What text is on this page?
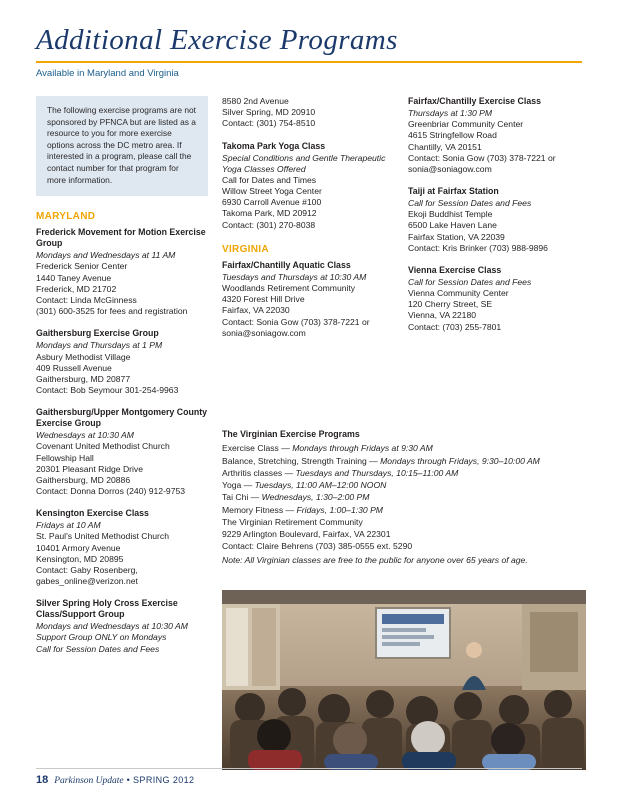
Additional Exercise Programs
Available in Maryland and Virginia
The following exercise programs are not sponsored by PFNCA but are listed as a resource to you for more exercise options across the DC metro area. If interested in a program, please call the contact number for that program for more information.
MARYLAND
Frederick Movement for Motion Exercise Group
Mondays and Wednesdays at 11 AM
Frederick Senior Center
1440 Taney Avenue
Frederick, MD 21702
Contact: Linda McGinness
(301) 600-3525 for fees and registration
Gaithersburg Exercise Group
Mondays and Thursdays at 1 PM
Asbury Methodist Village
409 Russell Avenue
Gaithersburg, MD 20877
Contact: Bob Seymour 301-254-9963
Gaithersburg/Upper Montgomery County Exercise Group
Wednesdays at 10:30 AM
Covenant United Methodist Church
Fellowship Hall
20301 Pleasant Ridge Drive
Gaithersburg, MD 20886
Contact: Donna Dorros (240) 912-9753
Kensington Exercise Class
Fridays at 10 AM
St. Paul's United Methodist Church
10401 Armory Avenue
Kensington, MD 20895
Contact: Gaby Rosenberg,
gabes_online@verizon.net
Silver Spring Holy Cross Exercise Class/Support Group
Mondays and Wednesdays at 10:30 AM
Support Group ONLY on Mondays
Call for Session Dates and Fees
8580 2nd Avenue
Silver Spring, MD 20910
Contact: (301) 754-8510
Takoma Park Yoga Class
Special Conditions and Gentle Therapeutic Yoga Classes Offered
Call for Dates and Times
Willow Street Yoga Center
6930 Carroll Avenue #100
Takoma Park, MD 20912
Contact: (301) 270-8038
VIRGINIA
Fairfax/Chantilly Aquatic Class
Tuesdays and Thursdays at 10:30 AM
Woodlands Retirement Community
4320 Forest Hill Drive
Fairfax, VA 22030
Contact: Sonia Gow (703) 378-7221 or
sonia@soniagow.com
Fairfax/Chantilly Exercise Class
Thursdays at 1:30 PM
Greenbriar Community Center
4615 Stringfellow Road
Chantilly, VA 20151
Contact: Sonia Gow (703) 378-7221 or
sonia@soniagow.com
Taiji at Fairfax Station
Call for Session Dates and Fees
Ekoji Buddhist Temple
6500 Lake Haven Lane
Fairfax Station, VA 22039
Contact: Kris Brinker (703) 988-9896
Vienna Exercise Class
Call for Session Dates and Fees
Vienna Community Center
120 Cherry Street, SE
Vienna, VA 22180
Contact: (703) 255-7801
The Virginian Exercise Programs
Exercise Class — Mondays through Fridays at 9:30 AM
Balance, Stretching, Strength Training — Mondays through Fridays, 9:30–10:00 AM
Arthritis classes — Tuesdays and Thursdays, 10:15–11:00 AM
Yoga — Tuesdays, 11:00 AM–12:00 NOON
Tai Chi — Wednesdays, 1:30–2:00 PM
Memory Fitness — Fridays, 1:00–1:30 PM
The Virginian Retirement Community
9229 Arlington Boulevard, Fairfax, VA 22301
Contact: Claire Behrens (703) 385-0555 ext. 5290
Note: All Virginian classes are free to the public for anyone over 65 years of age.
18 Parkinson Update • SPRING 2012
